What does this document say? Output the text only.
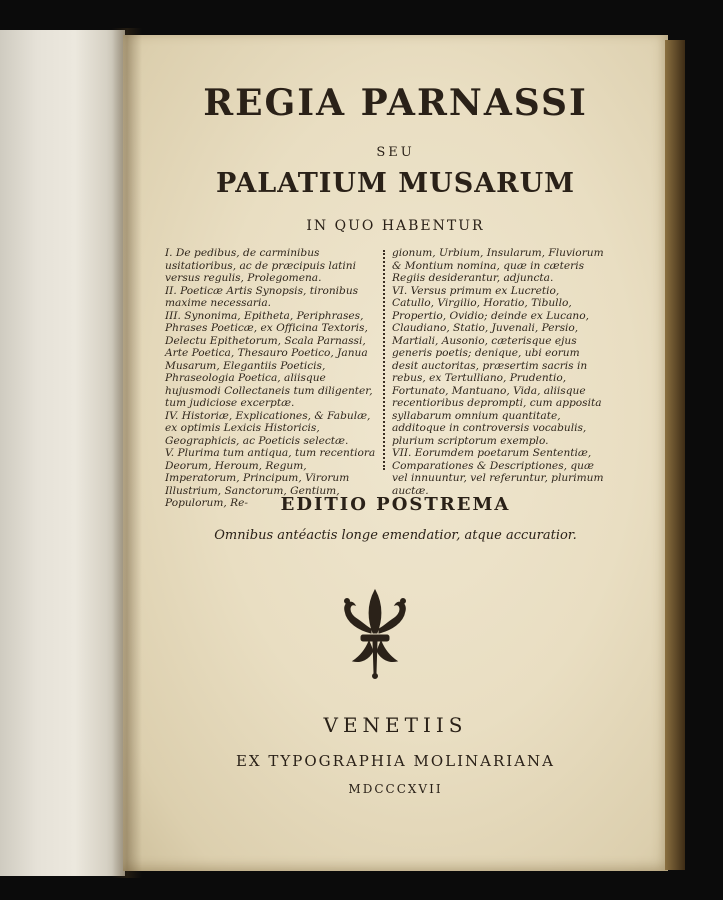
REGIA PARNASSI
SEU
PALATIUM MUSARUM
IN QUO HABENTUR
I. De pedibus, de carminibus usitatioribus, ac de præcipuis latini versus regulis, Prolegomena.
II. Poeticæ Artis Synopsis, tironibus maxime necessaria.
III. Synonima, Epitheta, Periphrases, Phrases Poeticæ, ex Officina Textoris, Delectu Epithetorum, Scala Parnassi, Arte Poetica, Thesauro Poetico, Janua Musarum, Elegantiis Poeticis, Phraseologia Poetica, aliisque hujusmodi Collectaneis tum diligenter, tum judiciose excerptæ.
IV. Historiæ, Explicationes, & Fabulæ, ex optimis Lexicis Historicis, Geographicis, ac Poeticis selectæ.
V. Plurima tum antiqua, tum recentiora Deorum, Heroum, Regum, Imperatorum, Principum, Virorum Illustrium, Sanctorum, Gentium, Populorum, Re-
gionum, Urbium, Insularum, Fluviorum & Montium nomina, quæ in cæteris Regiis desiderantur, adjuncta.
VI. Versus primum ex Lucretio, Catullo, Virgilio, Horatio, Tibullo, Propertio, Ovidio; deinde ex Lucano, Claudiano, Statio, Juvenali, Persio, Martiali, Ausonio, cæterisque ejus generis poetis; denique, ubi eorum desit auctoritas, præsertim sacris in rebus, ex Tertulliano, Prudentio, Fortunato, Mantuano, Vida, aliisque recentioribus deprompti, cum apposita syllabarum omnium quantitate, additoque in controversis vocabulis, plurium scriptorum exemplo.
VII. Eorumdem poetarum Sententiæ, Comparationes & Descriptiones, quæ vel innuuntur, vel referuntur, plurimum auctæ.
EDITIO POSTREMA
Omnibus antéactis longe emendatior, atque accuratior.
VENETIIS
EX TYPOGRAPHIA MOLINARIANA
MDCCCXVII
